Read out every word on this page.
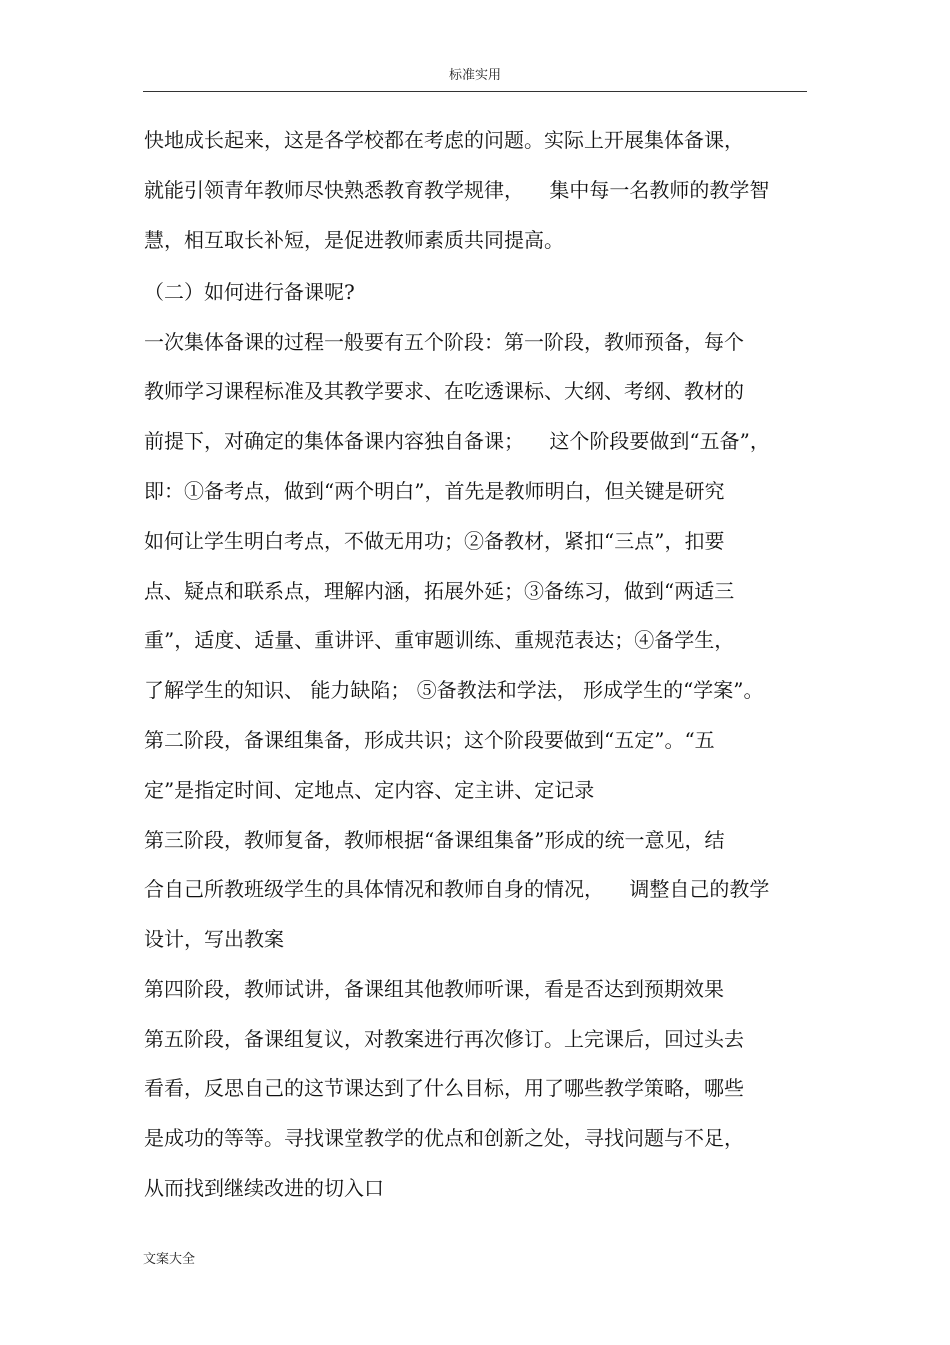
标准实用
快地成长起来，这是各学校都在考虑的问题。实际上开展集体备课，
就能引领青年教师尽快熟悉教育教学规律，    集中每一名教师的教学智
慧，相互取长补短，是促进教师素质共同提高。
（二）如何进行备课呢?
一次集体备课的过程一般要有五个阶段：第一阶段，教师预备，每个
教师学习课程标准及其教学要求、在吃透课标、大纲、考纲、教材的
前提下，对确定的集体备课内容独自备课；    这个阶段要做到“五备”，
即：①备考点，做到“两个明白”，首先是教师明白，但关键是研究
如何让学生明白考点，不做无用功；②备教材，紧扣“三点”，扣要
点、疑点和联系点，理解内涵，拓展外延；③备练习，做到“两适三
重”，适度、适量、重讲评、重审题训练、重规范表达；④备学生，
了解学生的知识、 能力缺陷； ⑤备教法和学法， 形成学生的“学案”。
第二阶段，备课组集备，形成共识；这个阶段要做到“五定”。“五
定”是指定时间、定地点、定内容、定主讲、定记录
第三阶段，教师复备，教师根据“备课组集备”形成的统一意见，结
合自己所教班级学生的具体情况和教师自身的情况，    调整自己的教学
设计，写出教案
第四阶段，教师试讲，备课组其他教师听课，看是否达到预期效果
第五阶段，备课组复议，对教案进行再次修订。上完课后，回过头去
看看，反思自己的这节课达到了什么目标，用了哪些教学策略，哪些
是成功的等等。寻找课堂教学的优点和创新之处，寻找问题与不足，
从而找到继续改进的切入口
文案大全
